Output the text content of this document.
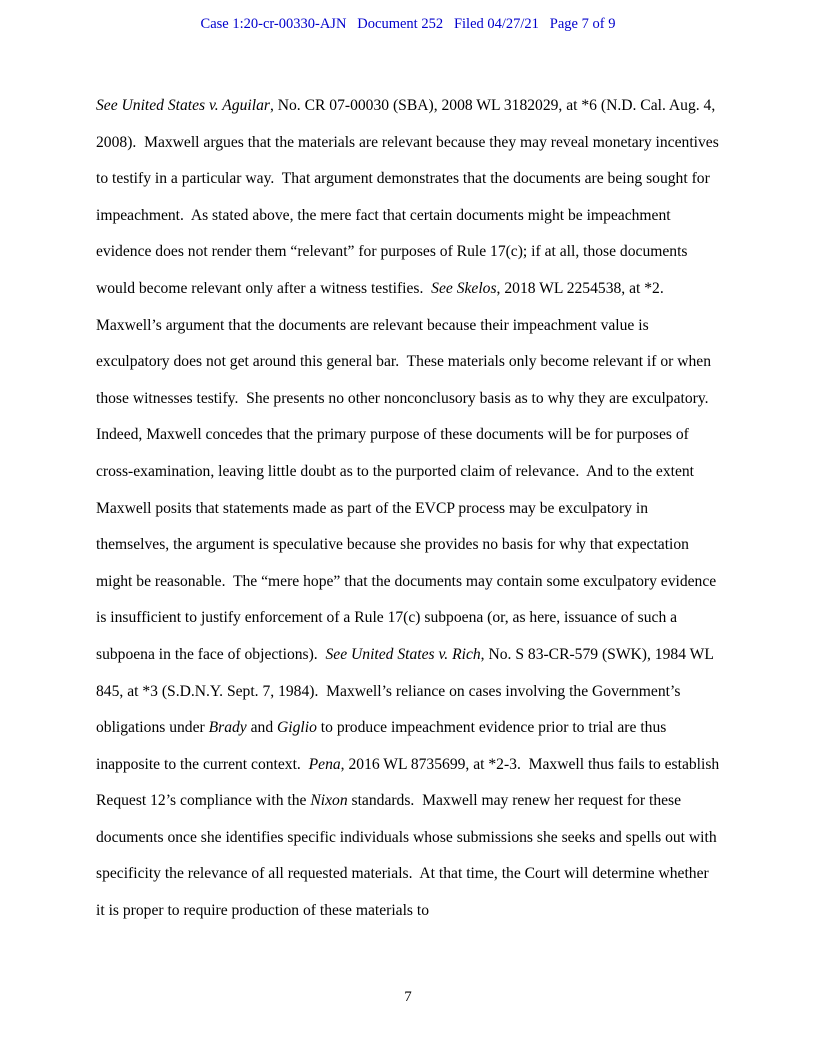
Case 1:20-cr-00330-AJN   Document 252   Filed 04/27/21   Page 7 of 9
See United States v. Aguilar, No. CR 07-00030 (SBA), 2008 WL 3182029, at *6 (N.D. Cal. Aug. 4, 2008).  Maxwell argues that the materials are relevant because they may reveal monetary incentives to testify in a particular way.  That argument demonstrates that the documents are being sought for impeachment.  As stated above, the mere fact that certain documents might be impeachment evidence does not render them “relevant” for purposes of Rule 17(c); if at all, those documents would become relevant only after a witness testifies.  See Skelos, 2018 WL 2254538, at *2.  Maxwell’s argument that the documents are relevant because their impeachment value is exculpatory does not get around this general bar.  These materials only become relevant if or when those witnesses testify.  She presents no other nonconclusory basis as to why they are exculpatory.  Indeed, Maxwell concedes that the primary purpose of these documents will be for purposes of cross-examination, leaving little doubt as to the purported claim of relevance.  And to the extent Maxwell posits that statements made as part of the EVCP process may be exculpatory in themselves, the argument is speculative because she provides no basis for why that expectation might be reasonable.  The “mere hope” that the documents may contain some exculpatory evidence is insufficient to justify enforcement of a Rule 17(c) subpoena (or, as here, issuance of such a subpoena in the face of objections).  See United States v. Rich, No. S 83-CR-579 (SWK), 1984 WL 845, at *3 (S.D.N.Y. Sept. 7, 1984).  Maxwell’s reliance on cases involving the Government’s obligations under Brady and Giglio to produce impeachment evidence prior to trial are thus inapposite to the current context.  Pena, 2016 WL 8735699, at *2-3.  Maxwell thus fails to establish Request 12’s compliance with the Nixon standards.  Maxwell may renew her request for these documents once she identifies specific individuals whose submissions she seeks and spells out with specificity the relevance of all requested materials.  At that time, the Court will determine whether it is proper to require production of these materials to
7
